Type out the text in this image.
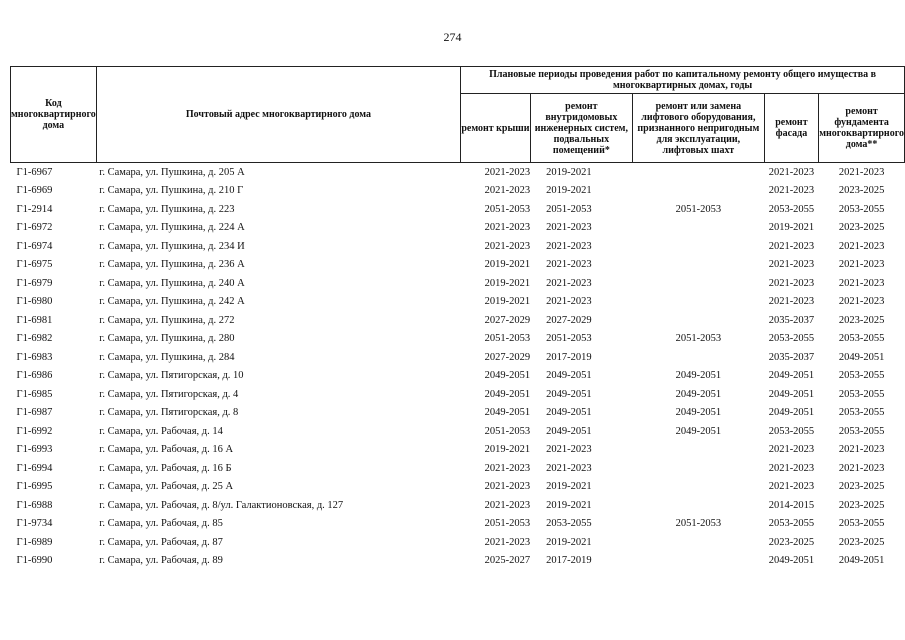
274
Код многоквартирного дома	Почтовый адрес многоквартирного дома	Плановые периоды проведения работ по капитальному ремонту общего имущества в многоквартирных домах, годы				
		ремонт крыши	ремонт внутридомовых инженерных систем, подвальных помещений*	ремонт или замена лифтового оборудования, признанного непригодным для эксплуатации, лифтовых шахт	ремонт фасада	ремонт фундамента многоквартирного дома**
Г1-6967	г. Самара, ул. Пушкина, д. 205 А	2021-2023	2019-2021		2021-2023	2021-2023
Г1-6969	г. Самара, ул. Пушкина, д. 210 Г	2021-2023	2019-2021		2021-2023	2023-2025
Г1-2914	г. Самара, ул. Пушкина, д. 223	2051-2053	2051-2053	2051-2053	2053-2055	2053-2055
Г1-6972	г. Самара, ул. Пушкина, д. 224 А	2021-2023	2021-2023		2019-2021	2023-2025
Г1-6974	г. Самара, ул. Пушкина, д. 234 И	2021-2023	2021-2023		2021-2023	2021-2023
Г1-6975	г. Самара, ул. Пушкина, д. 236 А	2019-2021	2021-2023		2021-2023	2021-2023
Г1-6979	г. Самара, ул. Пушкина, д. 240 А	2019-2021	2021-2023		2021-2023	2021-2023
Г1-6980	г. Самара, ул. Пушкина, д. 242 А	2019-2021	2021-2023		2021-2023	2021-2023
Г1-6981	г. Самара, ул. Пушкина, д. 272	2027-2029	2027-2029		2035-2037	2023-2025
Г1-6982	г. Самара, ул. Пушкина, д. 280	2051-2053	2051-2053	2051-2053	2053-2055	2053-2055
Г1-6983	г. Самара, ул. Пушкина, д. 284	2027-2029	2017-2019		2035-2037	2049-2051
Г1-6986	г. Самара, ул. Пятигорская, д. 10	2049-2051	2049-2051	2049-2051	2049-2051	2053-2055
Г1-6985	г. Самара, ул. Пятигорская, д. 4	2049-2051	2049-2051	2049-2051	2049-2051	2053-2055
Г1-6987	г. Самара, ул. Пятигорская, д. 8	2049-2051	2049-2051	2049-2051	2049-2051	2053-2055
Г1-6992	г. Самара, ул. Рабочая, д. 14	2051-2053	2049-2051	2049-2051	2053-2055	2053-2055
Г1-6993	г. Самара, ул. Рабочая, д. 16 А	2019-2021	2021-2023		2021-2023	2021-2023
Г1-6994	г. Самара, ул. Рабочая, д. 16 Б	2021-2023	2021-2023		2021-2023	2021-2023
Г1-6995	г. Самара, ул. Рабочая, д. 25 А	2021-2023	2019-2021		2021-2023	2023-2025
Г1-6988	г. Самара, ул. Рабочая, д. 8/ул. Галактионовская, д. 127	2021-2023	2019-2021		2014-2015	2023-2025
Г1-9734	г. Самара, ул. Рабочая, д. 85	2051-2053	2053-2055	2051-2053	2053-2055	2053-2055
Г1-6989	г. Самара, ул. Рабочая, д. 87	2021-2023	2019-2021		2023-2025	2023-2025
Г1-6990	г. Самара, ул. Рабочая, д. 89	2025-2027	2017-2019		2049-2051	2049-2051
